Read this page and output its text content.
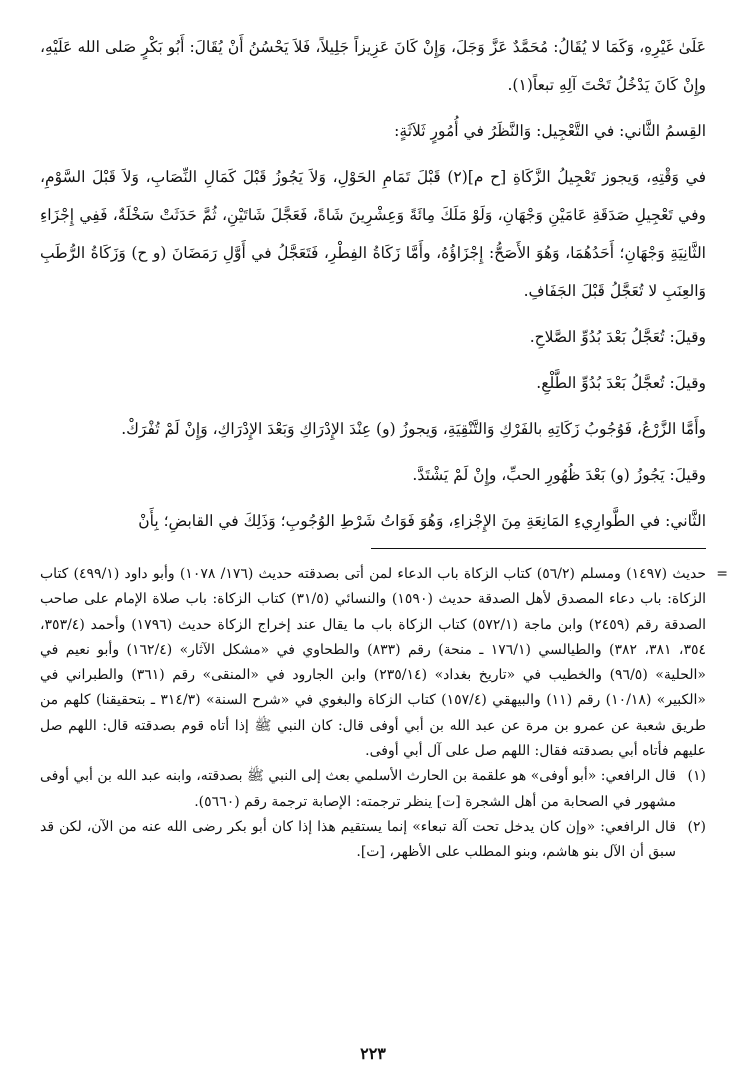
عَلَىٰ غَيْرِهِ، وَكَمَا لا يُقَالُ: مُحَمَّدٌ عَزَّ وَجَلَ، وَإِنْ كَانَ عَزِيزاً جَلِيلاً، فَلاَ يَحْسُنُ أَنْ يُقَالَ: أَبُو بَكْرٍ صَلى الله عَلَيْهِ، وإِنْ كَانَ يَدْخُلُ تَحْتَ آلِهِ تبعاً(١).

القِسمُ الثَّاني: في التَّعْجِيل: وَالنَّظَرُ في أُمُورٍ ثَلاَثَةٍ:

في وَقْتِهِ، وَيجوز تَعْجِيلُ الزَّكَاةِ [ح م](٢) قَبْلَ تَمَامِ الحَوْلِ، وَلاَ يَجُوزُ قَبْلَ كَمَالِ النِّصَابِ، وَلاَ قَبْلَ السَّوْمِ، وفي تَعْجِيلِ صَدَقَةِ عَامَيْنِ وَجْهَانِ، وَلَوْ مَلَكَ مِائَةً وَعِشْرِينَ شَاةً، فَعَجَّلَ شَاتَيْنِ، ثُمَّ حَدَثَتْ سَخْلَةٌ، فَفِي إِجْزَاءِ الثَّانِيَةِ وَجْهَانِ؛ أَحَدُهُمَا، وَهُوَ الأَصَحُّ: إِجْزَاؤُهُ، وأَمَّا زَكَاةُ الفِطْرِ، فَتَعَجَّلُ في أَوَّلِ رَمَضَانَ (و ح) وَزَكَاةُ الرُّطَبِ وَالعِنَبِ لا تُعَجَّلُ قَبْلَ الجَفَافِ.

وقيلَ: تُعَجَّلُ بَعْدَ بُدُوِّ الصَّلاحِ.

وقيلَ: تُعجَّلُ بَعْدَ بُدُوِّ الطَّلْعِ.

وأَمَّا الزَّرْعُ، فَوُجُوبُ زَكَاتِهِ بالفَرْكِ وَالتَّنْقِيَةِ، وَيجوزُ (و) عِنْدَ الإِدْرَاكِ وَبَعْدَ الإِدْرَاكِ، وَإِنْ لَمْ تُفْرَكْ.

وقيلَ: يَجُوزُ (و) بَعْدَ ظُهُورِ الحبِّ، وإِنْ لَمْ يَشْتَدَّ.

الثَّاني: في الطَّوارِيءِ المَانِعَةِ مِنَ الإِجْزاءِ، وَهُوَ فَوَاتُ شَرْطِ الوُجُوبِ؛ وَذَلِكَ في القابضِ؛ بِأَنْ

=

حديث (١٤٩٧) ومسلم (٥٦/٢) كتاب الزكاة باب الدعاء لمن أتى بصدقته حديث (١٧٦/ ١٠٧٨) وأبو داود (٤٩٩/١) كتاب الزكاة: باب دعاء المصدق لأهل الصدقة حديث (١٥٩٠) والنسائي (٣١/٥) كتاب الزكاة: باب صلاة الإمام على صاحب الصدقة رقم (٢٤٥٩) وابن ماجة (٥٧٢/١) كتاب الزكاة باب ما يقال عند إخراج الزكاة حديث (١٧٩٦) وأحمد (٣٥٣/٤، ٣٥٤، ٣٨١، ٣٨٢) والطيالسي (١٧٦/١ ـ منحة) رقم (٨٣٣) والطحاوي في «مشكل الآثار» (١٦٢/٤) وأبو نعيم في «الحلية» (٩٦/٥) والخطيب في «تاريخ بغداد» (٢٣٥/١٤) وابن الجارود في «المنقى» رقم (٣٦١) والطبراني في «الكبير» (١٠/١٨) رقم (١١) والبيهقي (١٥٧/٤) كتاب الزكاة والبغوي في «شرح السنة» (٣١٤/٣ ـ بتحقيقنا) كلهم من طريق شعبة عن عمرو بن مرة عن عبد الله بن أبي أوفى قال: كان النبي ﷺ إذا أتاه قوم بصدقته قال: اللهم صل عليهم فأتاه أبي بصدقته فقال: اللهم صل على آل أبي أوفى.

(١)
قال الرافعي: «أبو أوفى» هو علقمة بن الحارث الأسلمي بعث إلى النبي ﷺ بصدقته، وابنه عبد الله بن أبي أوفى مشهور في الصحابة من أهل الشجرة [ت] ينظر ترجمته: الإصابة ترجمة رقم (٥٦٦٠).
(٢)
قال الرافعي: «وإن كان يدخل تحت آلة تبعاء» إنما يستقيم هذا إذا كان أبو بكر رضى الله عنه من الآن، لكن قد سبق أن الآل بنو هاشم، وبنو المطلب على الأظهر، [ت].
٢٢٣
